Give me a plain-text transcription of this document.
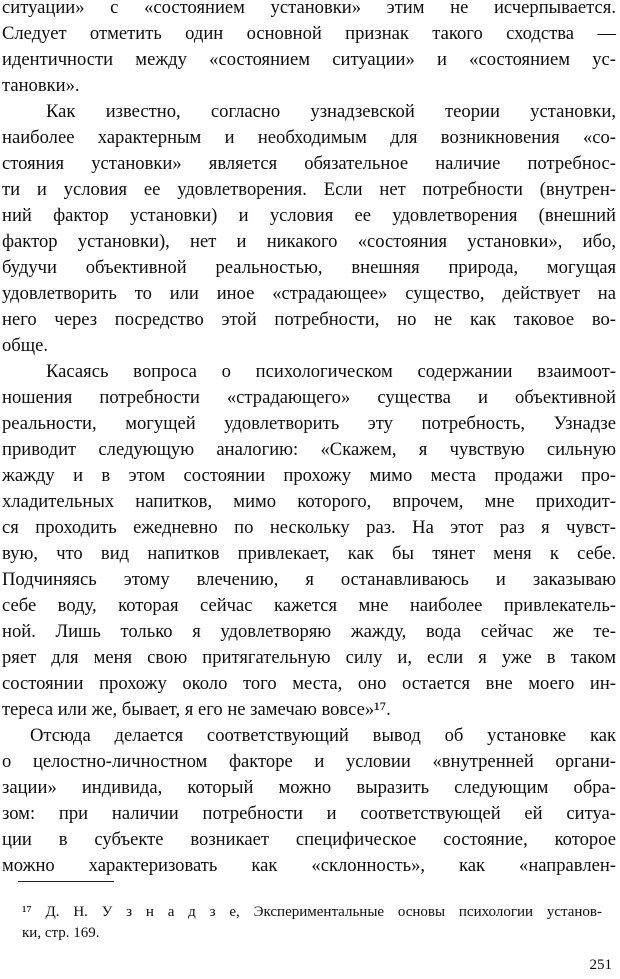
ситуации» с «состоянием установки» этим не исчерпывается.
Следует отметить один основной признак такого сходства —
идентичности между «состоянием ситуации» и «состоянием ус-
тановки».
Как известно, согласно узнадзевской теории установки,
наиболее характерным и необходимым для возникновения «со-
стояния установки» является обязательное наличие потребнос-
ти и условия ее удовлетворения. Если нет потребности (внутрен-
ний фактор установки) и условия ее удовлетворения (внешний
фактор установки), нет и никакого «состояния установки», ибо,
будучи объективной реальностью, внешняя природа, могущая
удовлетворить то или иное «страдающее» существо, действует на
него через посредство этой потребности, но не как таковое во-
обще.
Касаясь вопроса о психологическом содержании взаимоот-
ношения потребности «страдающего» существа и объективной
реальности, могущей удовлетворить эту потребность, Узнадзе
приводит следующую аналогию: «Скажем, я чувствую сильную
жажду и в этом состоянии прохожу мимо места продажи про-
хладительных напитков, мимо которого, впрочем, мне приходит-
ся проходить ежедневно по нескольку раз. На этот раз я чувст-
вую, что вид напитков привлекает, как бы тянет меня к себе.
Подчиняясь этому влечению, я останавливаюсь и заказываю
себе воду, которая сейчас кажется мне наиболее привлекатель-
ной. Лишь только я удовлетворяю жажду, вода сейчас же те-
ряет для меня свою притягательную силу и, если я уже в таком
состоянии прохожу около того места, оно остается вне моего ин-
тереса или же, бывает, я его не замечаю вовсе»¹⁷.
Отсюда делается соответствующий вывод об установке как
о целостно-личностном факторе и условии «внутренней органи-
зации» индивида, который можно выразить следующим обра-
зом: при наличии потребности и соответствующей ей ситуа-
ции в субъекте возникает специфическое состояние, которое
можно характеризовать как «склонность», как «направлен-
¹⁷ Д. Н. У з н а д з е, Экспериментальные основы психологии установ-
ки, стр. 169.
251
